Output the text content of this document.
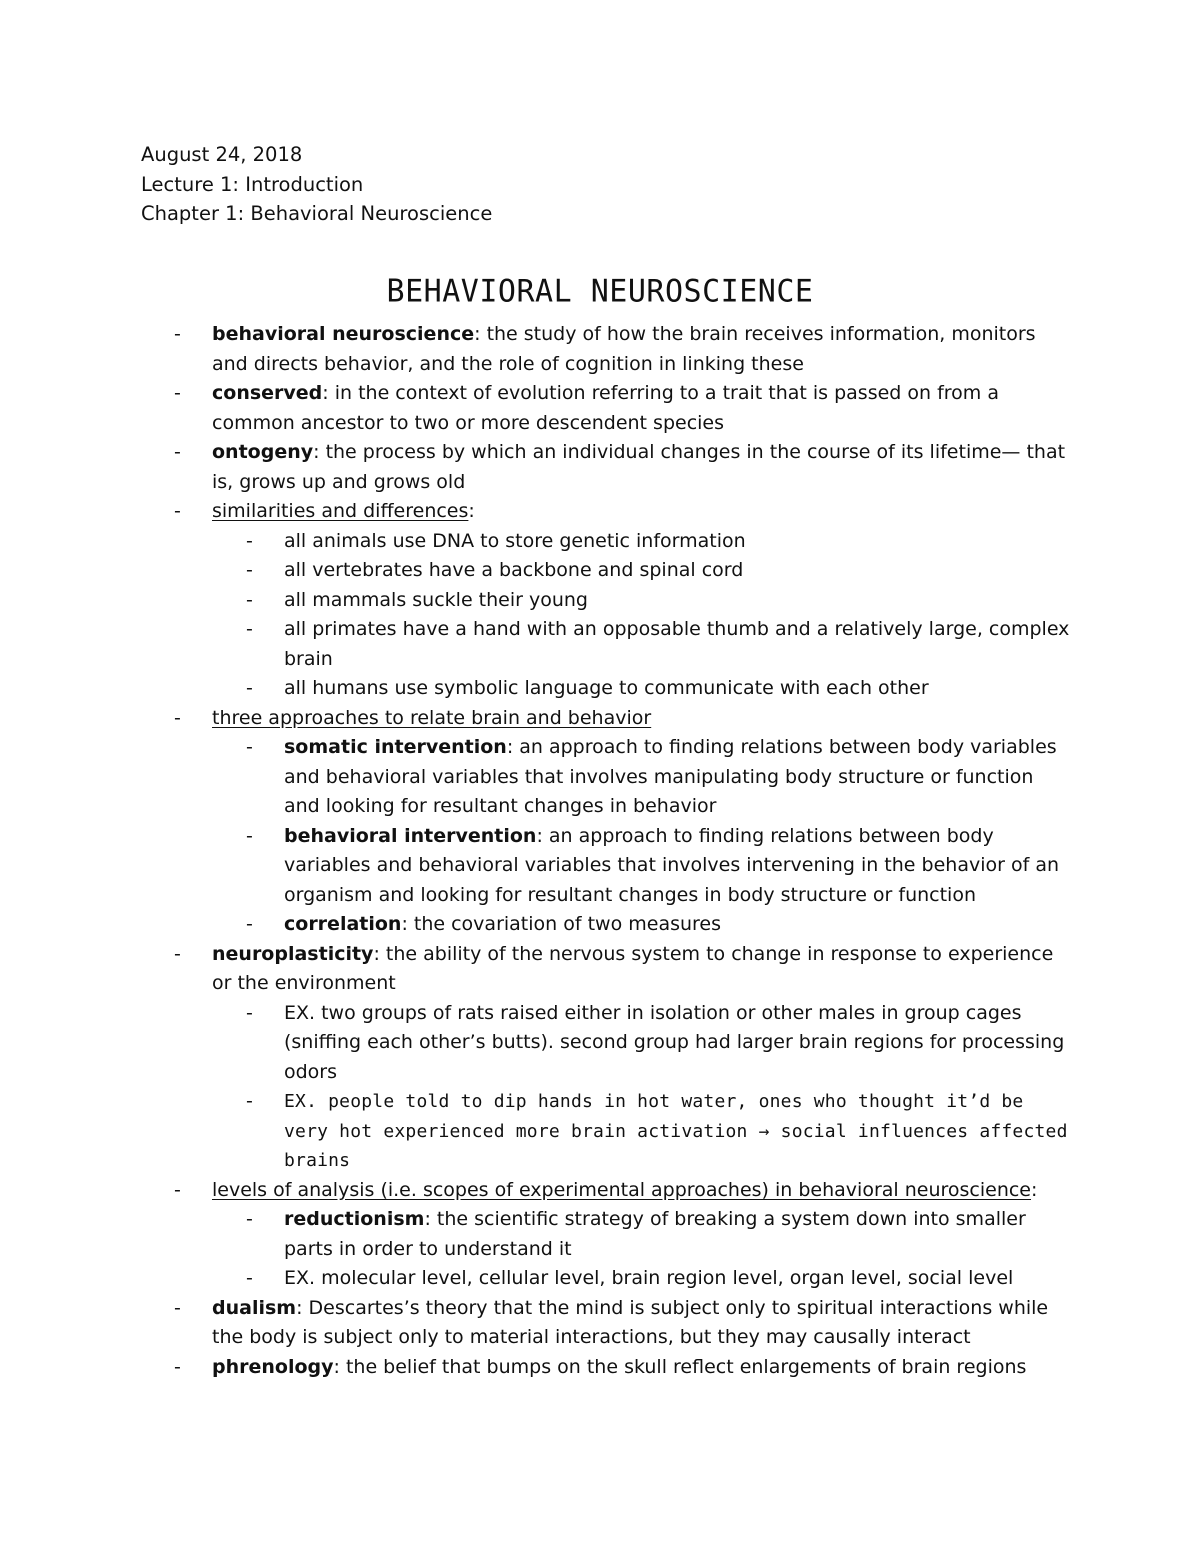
August 24, 2018
Lecture 1: Introduction
Chapter 1: Behavioral Neuroscience
BEHAVIORAL NEUROSCIENCE
- behavioral neuroscience: the study of how the brain receives information, monitors and directs behavior, and the role of cognition in linking these
- conserved: in the context of evolution referring to a trait that is passed on from a common ancestor to two or more descendent species
- ontogeny: the process by which an individual changes in the course of its lifetime— that is, grows up and grows old
- similarities and differences:
- all animals use DNA to store genetic information
- all vertebrates have a backbone and spinal cord
- all mammals suckle their young
- all primates have a hand with an opposable thumb and a relatively large, complex brain
- all humans use symbolic language to communicate with each other
- three approaches to relate brain and behavior
- somatic intervention: an approach to finding relations between body variables and behavioral variables that involves manipulating body structure or function and looking for resultant changes in behavior
- behavioral intervention: an approach to finding relations between body variables and behavioral variables that involves intervening in the behavior of an organism and looking for resultant changes in body structure or function
- correlation: the covariation of two measures
- neuroplasticity: the ability of the nervous system to change in response to experience or the environment
- EX. two groups of rats raised either in isolation or other males in group cages (sniffing each other’s butts). second group had larger brain regions for processing odors
- EX. people told to dip hands in hot water, ones who thought it’d be very hot experienced more brain activation → social influences affected brains
- levels of analysis (i.e. scopes of experimental approaches) in behavioral neuroscience:
- reductionism: the scientific strategy of breaking a system down into smaller parts in order to understand it
- EX. molecular level, cellular level, brain region level, organ level, social level
- dualism: Descartes’s theory that the mind is subject only to spiritual interactions while the body is subject only to material interactions, but they may causally interact
- phrenology: the belief that bumps on the skull reflect enlargements of brain regions
